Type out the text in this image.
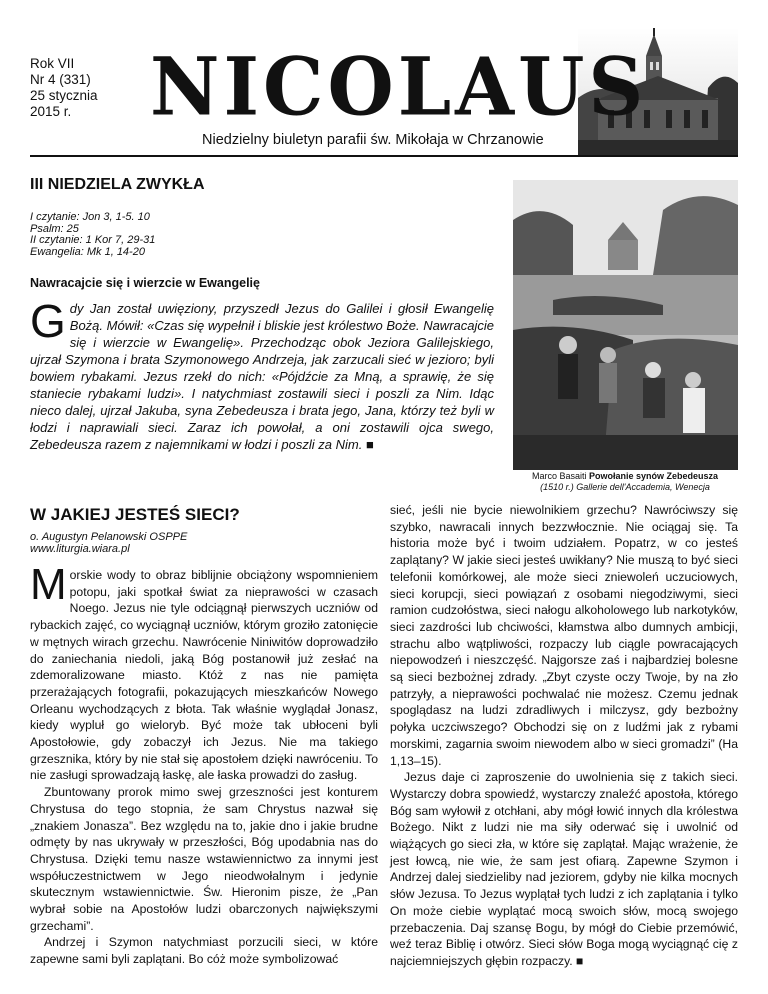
Rok VII
Nr 4 (331)
25 stycznia
2015 r.	NICOLAUS
Niedzielny biuletyn parafii św. Mikołaja w Chrzanowie
III NIEDZIELA ZWYKŁA
I czytanie: Jon 3, 1-5. 10
Psalm: 25
II czytanie: 1 Kor 7, 29-31
Ewangelia: Mk 1, 14-20
Nawracajcie się i wierzcie w Ewangelię

Gdy Jan został uwięziony, przyszedł Jezus do Galilei i głosił Ewangelię Bożą. Mówił: «Czas się wypełnił i bliskie jest królestwo Boże. Nawracajcie się i wierzcie w Ewangelię». Przechodząc obok Jeziora Galilejskiego, ujrzał Szymona i brata Szymonowego Andrzeja, jak zarzucali sieć w jezioro; byli bowiem rybakami. Jezus rzekł do nich: «Pójdźcie za Mną, a sprawię, że się staniecie rybakami ludzi». I natychmiast zostawili sieci i poszli za Nim. Idąc nieco dalej, ujrzał Jakuba, syna Zebedeusza i brata jego, Jana, którzy też byli w łodzi i naprawiali sieci. Zaraz ich powołał, a oni zostawili ojca swego, Zebedeusza razem z najemnikami w łodzi i poszli za Nim. ■

Marco Basaiti Powołanie synów Zebedeusza
(1510 r.) Gallerie dell'Accademia, Wenecja
W JAKIEJ JESTEŚ SIECI?
o. Augustyn Pelanowski OSPPE
www.liturgia.wiara.pl

Morskie wody to obraz biblijnie obciążony wspomnieniem potopu, jaki spotkał świat za nieprawości w czasach Noego. Jezus nie tyle odciągnął pierwszych uczniów od rybackich zajęć, co wyciągnął uczniów, którym groziło zatonięcie w mętnych wirach grzechu. Nawrócenie Niniwitów doprowadziło do zaniechania niedoli, jaką Bóg postanowił już zesłać na zdemoralizowane miasto. Któż z nas nie pamięta przerażających fotografii, pokazujących mieszkańców Nowego Orleanu wychodzących z błota. Tak właśnie wyglądał Jonasz, kiedy wypluł go wieloryb. Być może tak ubłoceni byli Apostołowie, gdy zobaczył ich Jezus. Nie ma takiego grzesznika, który by nie stał się apostołem dzięki nawróceniu. To nie zasługi sprowadzają łaskę, ale łaska prowadzi do zasług.

Zbuntowany prorok mimo swej grzeszności jest konturem Chrystusa do tego stopnia, że sam Chrystus nazwał się „znakiem Jonasza”. Bez względu na to, jakie dno i jakie brudne odmęty by nas ukrywały w przeszłości, Bóg upodabnia nas do Chrystusa. Dzięki temu nasze wstawiennictwo za innymi jest współuczestnictwem w Jego nieodwołalnym i jedynie skutecznym wstawiennictwie. Św. Hieronim pisze, że „Pan wybrał sobie na Apostołów ludzi obarczonych największymi grzechami”.

Andrzej i Szymon natychmiast porzucili sieci, w które zapewne sami byli zaplątani. Bo cóż może symbolizować

sieć, jeśli nie bycie niewolnikiem grzechu? Nawróciwszy się szybko, nawracali innych bezzwłocznie. Nie ociągaj się. Ta historia może być i twoim udziałem. Popatrz, w co jesteś zaplątany? W jakie sieci jesteś uwikłany? Nie muszą to być sieci telefonii komórkowej, ale może sieci zniewoleń uczuciowych, sieci korupcji, sieci powiązań z osobami niegodziwymi, sieci ramion cudzołóstwa, sieci nałogu alkoholowego lub narkotyków, sieci zazdrości lub chciwości, kłamstwa albo dumnych ambicji, strachu albo wątpliwości, rozpaczy lub ciągle powracających niepowodzeń i nieszczęść. Najgorsze zaś i najbardziej bolesne są sieci bezbożnej zdrady. „Zbyt czyste oczy Twoje, by na zło patrzyły, a nieprawości pochwalać nie możesz. Czemu jednak spoglądasz na ludzi zdradliwych i milczysz, gdy bezbożny połyka uczciwszego? Obchodzi się on z ludźmi jak z rybami morskimi, zagarnia swoim niewodem albo w sieci gromadzi” (Ha 1,13–15).

Jezus daje ci zaproszenie do uwolnienia się z takich sieci. Wystarczy dobra spowiedź, wystarczy znaleźć apostoła, którego Bóg sam wyłowił z otchłani, aby mógł łowić innych dla królestwa Bożego. Nikt z ludzi nie ma siły oderwać się i uwolnić od wiążących go sieci zła, w które się zaplątał. Mając wrażenie, że jest łowcą, nie wie, że sam jest ofiarą. Zapewne Szymon i Andrzej dalej siedzieliby nad jeziorem, gdyby nie kilka mocnych słów Jezusa. To Jezus wyplątał tych ludzi z ich zaplątania i tylko On może ciebie wyplątać mocą swoich słów, mocą swojego przebaczenia. Daj szansę Bogu, by mógł do Ciebie przemówić, weź teraz Biblię i otwórz. Sieci słów Boga mogą wyciągnąć cię z najciemniejszych głębin rozpaczy. ■
